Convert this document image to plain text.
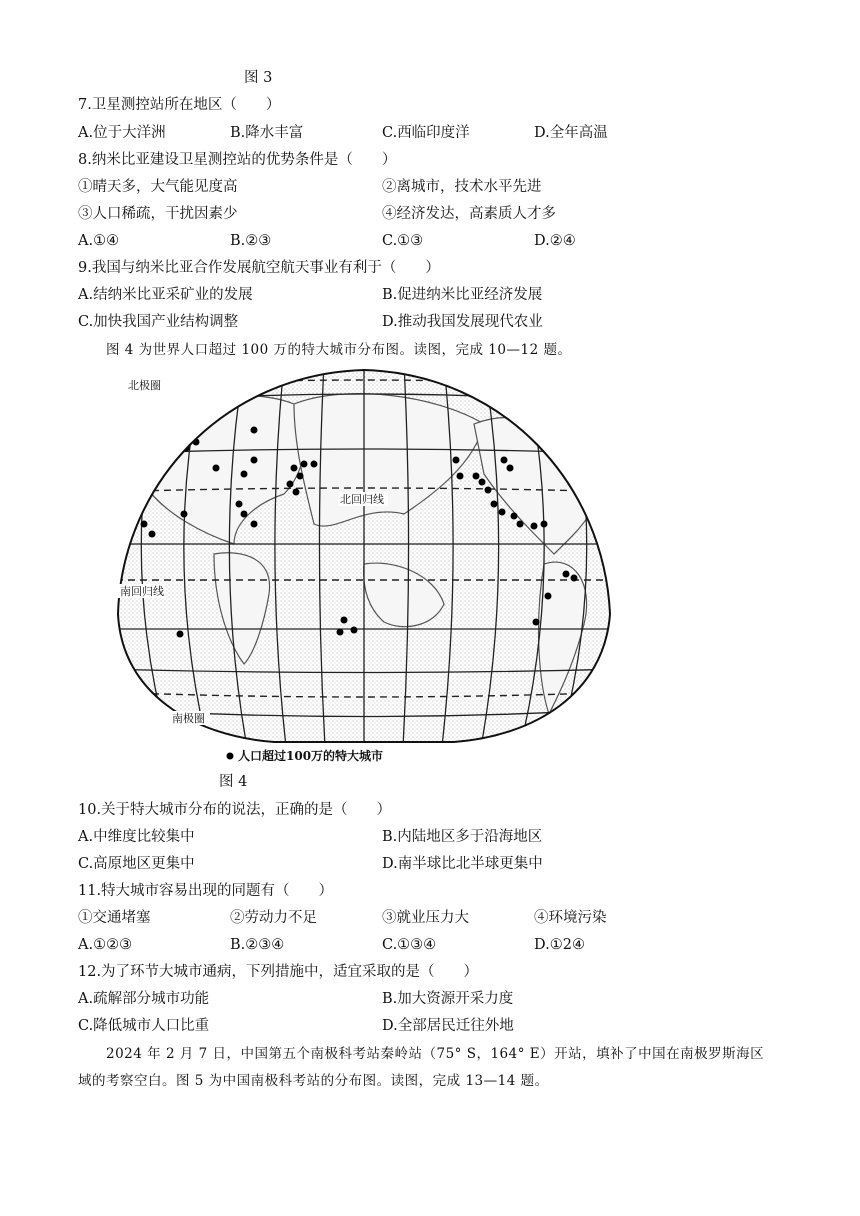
图 3
7.卫星测控站所在地区（　　）
A.位于大洋洲	B.降水丰富	C.西临印度洋	D.全年高温
8.纳米比亚建设卫星测控站的优势条件是（　　）
①晴天多，大气能见度高	②离城市，技术水平先进
③人口稀疏，干扰因素少	④经济发达，高素质人才多
A.①④	B.②③	C.①③	D.②④
9.我国与纳米比亚合作发展航空航天事业有利于（　　）
A.结纳米比亚采矿业的发展	B.促进纳米比亚经济发展
C.加快我国产业结构调整	D.推动我国发展现代农业
图 4 为世界人口超过 100 万的特大城市分布图。读图，完成 10—12 题。
北极圈
北回归线
南回归线
南极圈
人口超过100万的特大城市
图 4
10.关于特大城市分布的说法，正确的是（　　）
A.中维度比较集中	B.内陆地区多于沿海地区
C.高原地区更集中	D.南半球比北半球更集中
11.特大城市容易出现的同题有（　　）
①交通堵塞	②劳动力不足	③就业压力大	④环境污染
A.①②③	B.②③④	C.①③④	D.①2④
12.为了环节大城市通病，下列措施中，适宜采取的是（　　）
A.疏解部分城市功能	B.加大资源开采力度
C.降低城市人口比重	D.全部居民迁往外地
2024 年 2 月 7 日，中国第五个南极科考站秦岭站（75° S，164° E）开站，填补了中国在南极罗斯海区
域的考察空白。图 5 为中国南极科考站的分布图。读图，完成 13—14 题。
